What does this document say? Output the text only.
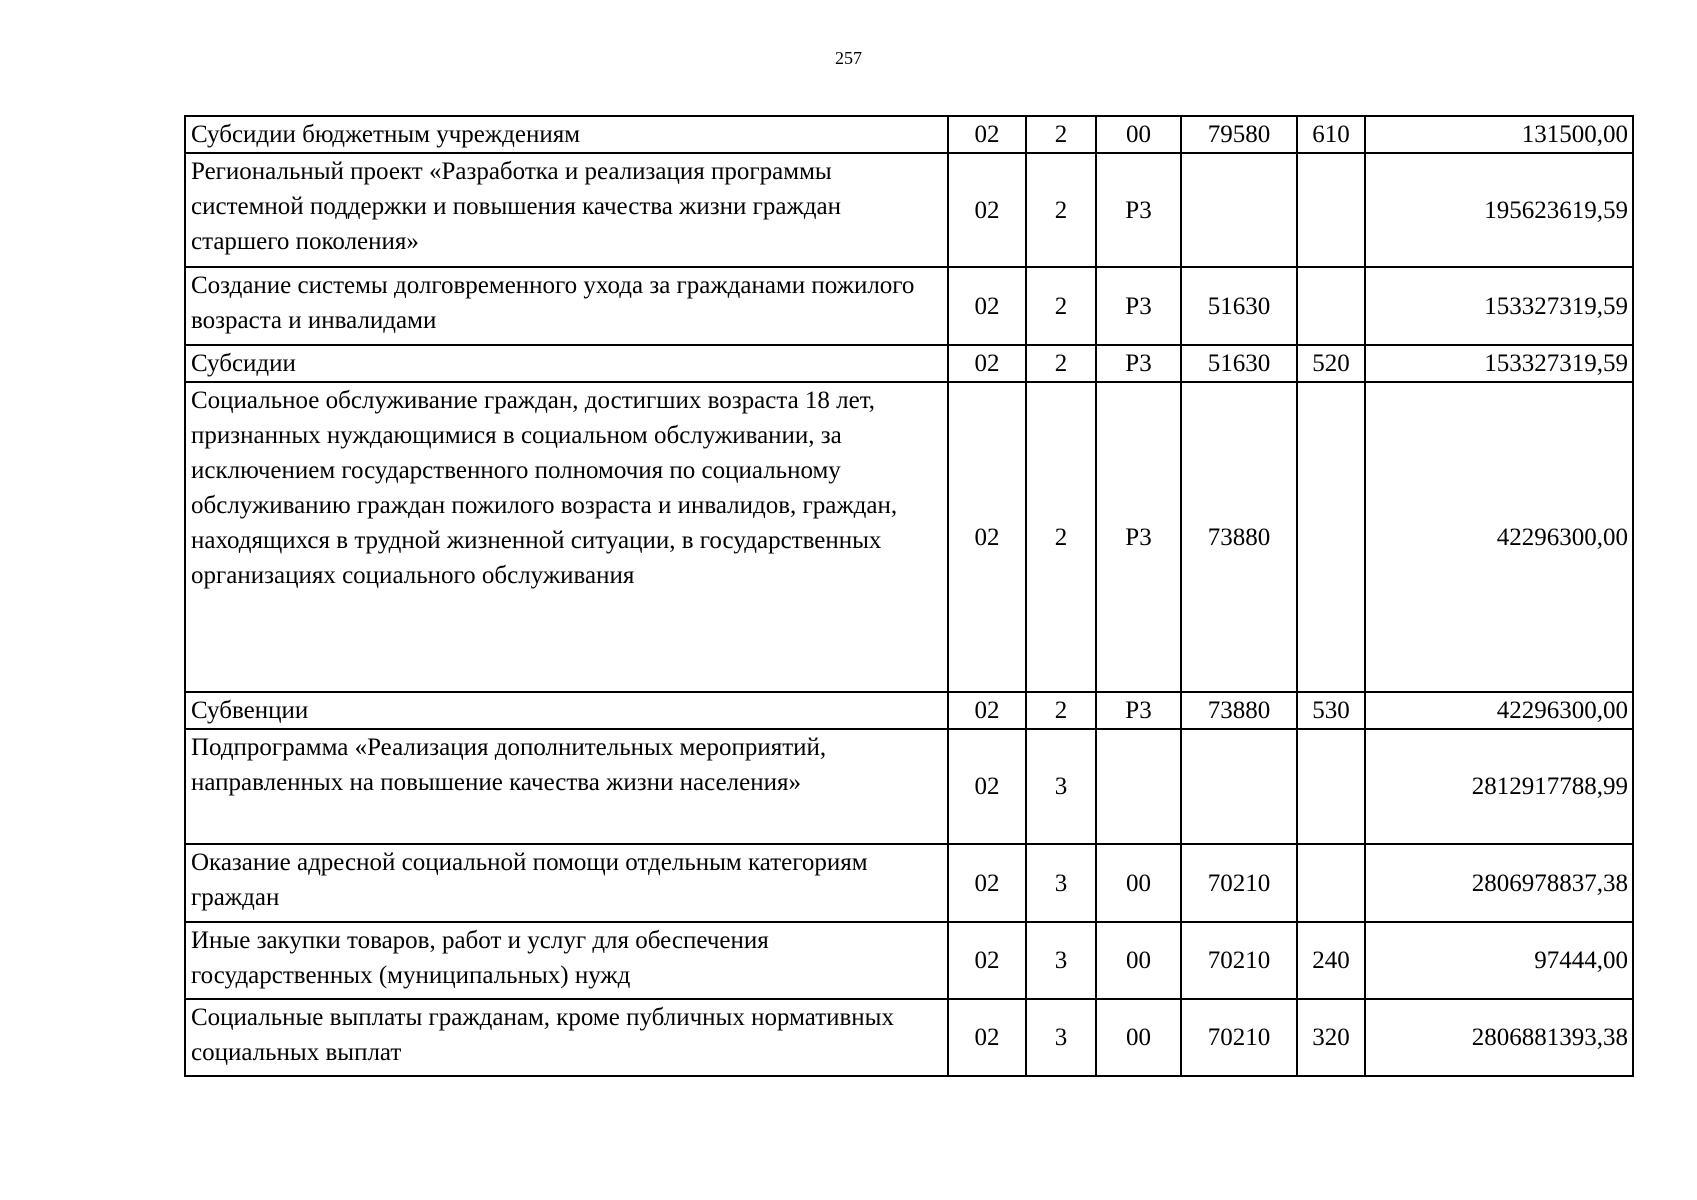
257
Субсидии бюджетным учреждениям	02	2	00	79580	610	131500,00
Региональный проект «Разработка и реализация программы системной поддержки и повышения качества жизни граждан старшего поколения»	02	2	Р3			195623619,59
Создание системы долговременного ухода за гражданами пожилого возраста и инвалидами	02	2	Р3	51630		153327319,59
Субсидии	02	2	Р3	51630	520	153327319,59
Социальное обслуживание граждан, достигших возраста 18 лет, признанных нуждающимися в социальном обслуживании, за исключением государственного полномочия по социальному обслуживанию граждан пожилого возраста и инвалидов, граждан, находящихся в трудной жизненной ситуации, в государственных организациях социального обслуживания	02	2	Р3	73880		42296300,00
Субвенции	02	2	Р3	73880	530	42296300,00
Подпрограмма «Реализация дополнительных мероприятий, направленных на повышение качества жизни населения»	02	3				2812917788,99
Оказание адресной социальной помощи отдельным категориям граждан	02	3	00	70210		2806978837,38
Иные закупки товаров, работ и услуг для обеспечения государственных (муниципальных) нужд	02	3	00	70210	240	97444,00
Социальные выплаты гражданам, кроме публичных нормативных социальных выплат	02	3	00	70210	320	2806881393,38
